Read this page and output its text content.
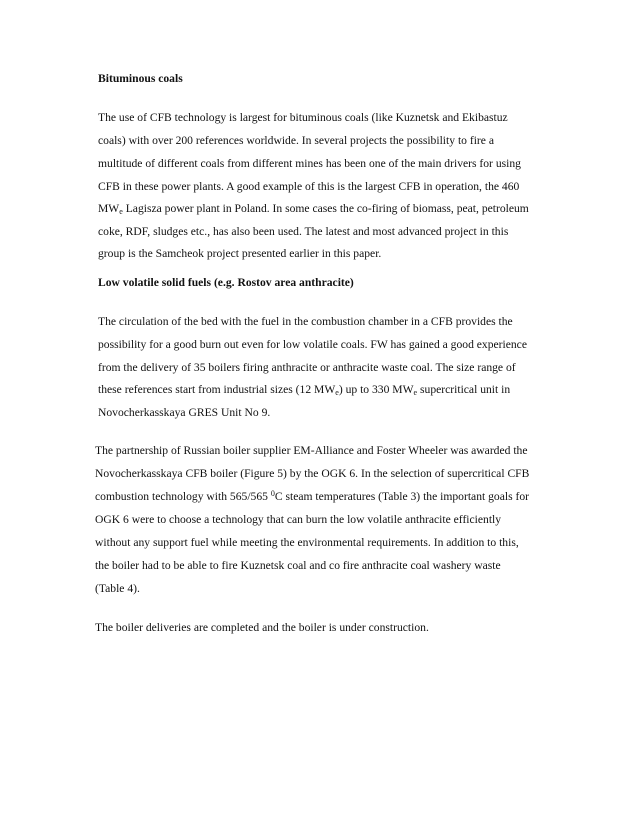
Bituminous coals
The use of CFB technology is largest for bituminous coals (like Kuznetsk and Ekibastuz
coals) with over 200 references worldwide. In several projects the possibility to fire a
multitude of different coals from different mines has been one of the main drivers for using
CFB in these power plants. A good example of this is the largest CFB in operation, the 460
$MW_e$ Lagisza power plant in Poland. In some cases the co-firing of biomass, peat, petroleum
coke, RDF, sludges etc., has also been used. The latest and most advanced project in this
group is the Samcheok project presented earlier in this paper.
Low volatile solid fuels (e.g. Rostov area anthracite)
The circulation of the bed with the fuel in the combustion chamber in a CFB provides the
possibility for a good burn out even for low volatile coals. FW has gained a good experience
from the delivery of 35 boilers firing anthracite or anthracite waste coal. The size range of
these references start from industrial sizes (12 $MW_e$) up to 330 $MW_e$ supercritical unit in
Novocherkasskaya GRES Unit No 9.
The partnership of Russian boiler supplier EM-Alliance and Foster Wheeler was awarded the
Novocherkasskaya CFB boiler (Figure 5) by the OGK 6. In the selection of supercritical CFB
combustion technology with 565/565 $^0$C steam temperatures (Table 3) the important goals for
OGK 6 were to choose a technology that can burn the low volatile anthracite efficiently
without any support fuel while meeting the environmental requirements. In addition to this,
the boiler had to be able to fire Kuznetsk coal and co fire anthracite coal washery waste
(Table 4).
The boiler deliveries are completed and the boiler is under construction.
